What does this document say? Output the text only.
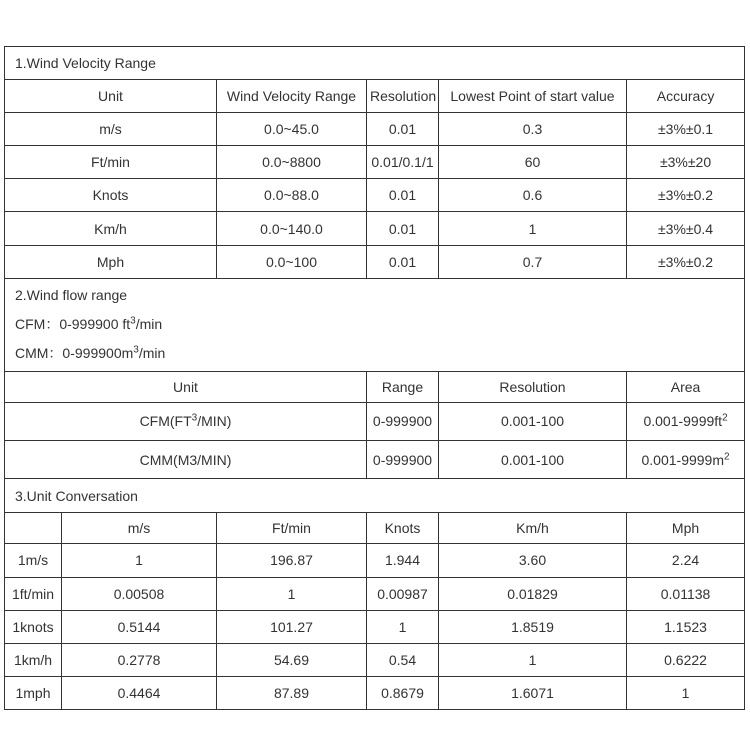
1.Wind Velocity Range					
Unit		Wind Velocity Range	Resolution	Lowest Point of start value	Accuracy
m/s		0.0~45.0	0.01	0.3	±3%±0.1
Ft/min		0.0~8800	0.01/0.1/1	60	±3%±20
Knots		0.0~88.0	0.01	0.6	±3%±0.2
Km/h		0.0~140.0	0.01	1	±3%±0.4
Mph		0.0~100	0.01	0.7	±3%±0.2

2.Wind flow range
CFM：0-999900 $ft^3/\min$
CMM：$0-999900m^3/\min$					

Unit			Range	Resolution	Area
$CFM(FT^3/MIN)$			0-999900	0.001-100	$0.001-9999ft^2$
CMM(M3/MIN)			0-999900	0.001-100	$0.001-9999m^2$
3.Unit Conversation					
	m/s	Ft/min	Knots	Km/h	Mph
1m/s	1	196.87	1.944	3.60	2.24
1ft/min	0.00508	1	0.00987	0.01829	0.01138
1knots	0.5144	101.27	1	1.8519	1.1523
1km/h	0.2778	54.69	0.54	1	0.6222
1mph	0.4464	87.89	0.8679	1.6071	1
